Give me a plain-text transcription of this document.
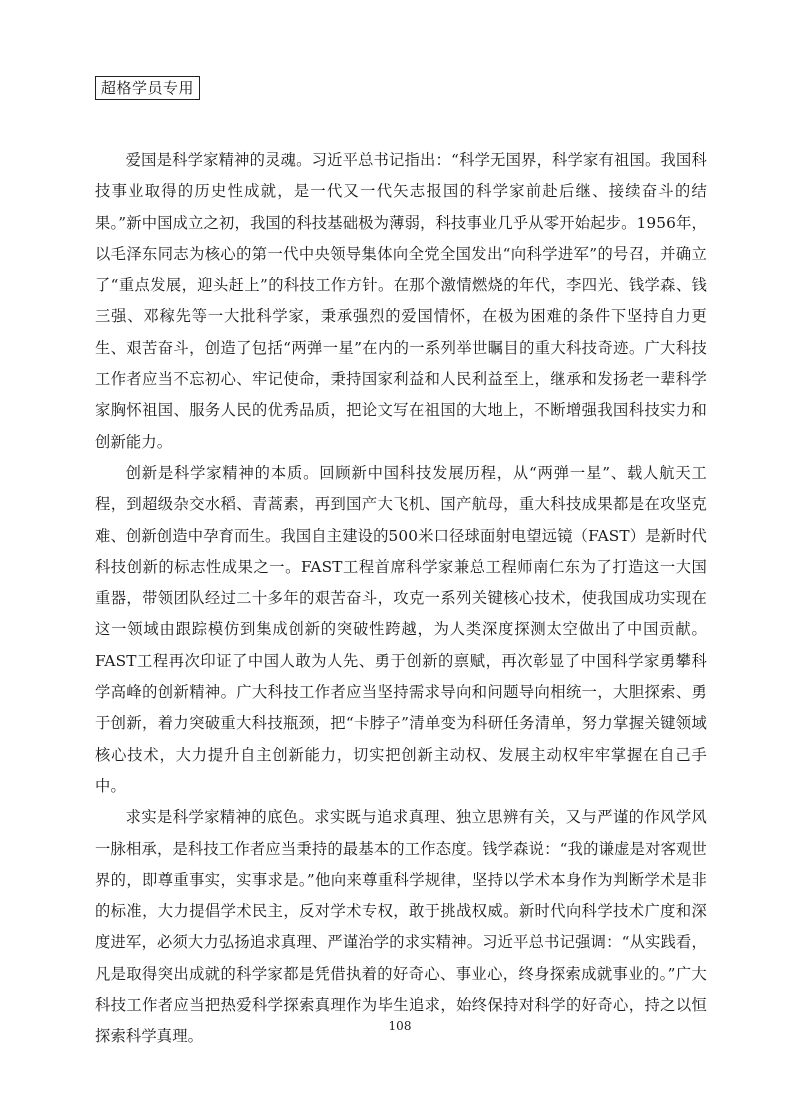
超格学员专用

爱国是科学家精神的灵魂。习近平总书记指出：“科学无国界，科学家有祖国。我国科技事业取得的历史性成就，是一代又一代矢志报国的科学家前赴后继、接续奋斗的结果。”新中国成立之初，我国的科技基础极为薄弱，科技事业几乎从零开始起步。1956年，以毛泽东同志为核心的第一代中央领导集体向全党全国发出“向科学进军”的号召，并确立了“重点发展，迎头赶上”的科技工作方针。在那个激情燃烧的年代，李四光、钱学森、钱三强、邓稼先等一大批科学家，秉承强烈的爱国情怀，在极为困难的条件下坚持自力更生、艰苦奋斗，创造了包括“两弹一星”在内的一系列举世瞩目的重大科技奇迹。广大科技工作者应当不忘初心、牢记使命，秉持国家利益和人民利益至上，继承和发扬老一辈科学家胸怀祖国、服务人民的优秀品质，把论文写在祖国的大地上，不断增强我国科技实力和创新能力。

创新是科学家精神的本质。回顾新中国科技发展历程，从“两弹一星”、载人航天工程，到超级杂交水稻、青蒿素，再到国产大飞机、国产航母，重大科技成果都是在攻坚克难、创新创造中孕育而生。我国自主建设的500米口径球面射电望远镜（FAST）是新时代科技创新的标志性成果之一。FAST工程首席科学家兼总工程师南仁东为了打造这一大国重器，带领团队经过二十多年的艰苦奋斗，攻克一系列关键核心技术，使我国成功实现在这一领域由跟踪模仿到集成创新的突破性跨越，为人类深度探测太空做出了中国贡献。FAST工程再次印证了中国人敢为人先、勇于创新的禀赋，再次彰显了中国科学家勇攀科学高峰的创新精神。广大科技工作者应当坚持需求导向和问题导向相统一，大胆探索、勇于创新，着力突破重大科技瓶颈，把“卡脖子”清单变为科研任务清单，努力掌握关键领域核心技术，大力提升自主创新能力，切实把创新主动权、发展主动权牢牢掌握在自己手中。

求实是科学家精神的底色。求实既与追求真理、独立思辨有关，又与严谨的作风学风一脉相承，是科技工作者应当秉持的最基本的工作态度。钱学森说：“我的谦虚是对客观世界的，即尊重事实，实事求是。”他向来尊重科学规律，坚持以学术本身作为判断学术是非的标准，大力提倡学术民主，反对学术专权，敢于挑战权威。新时代向科学技术广度和深度进军，必须大力弘扬追求真理、严谨治学的求实精神。习近平总书记强调：“从实践看，凡是取得突出成就的科学家都是凭借执着的好奇心、事业心，终身探索成就事业的。”广大科技工作者应当把热爱科学探索真理作为毕生追求，始终保持对科学的好奇心，持之以恒探索科学真理。

108
